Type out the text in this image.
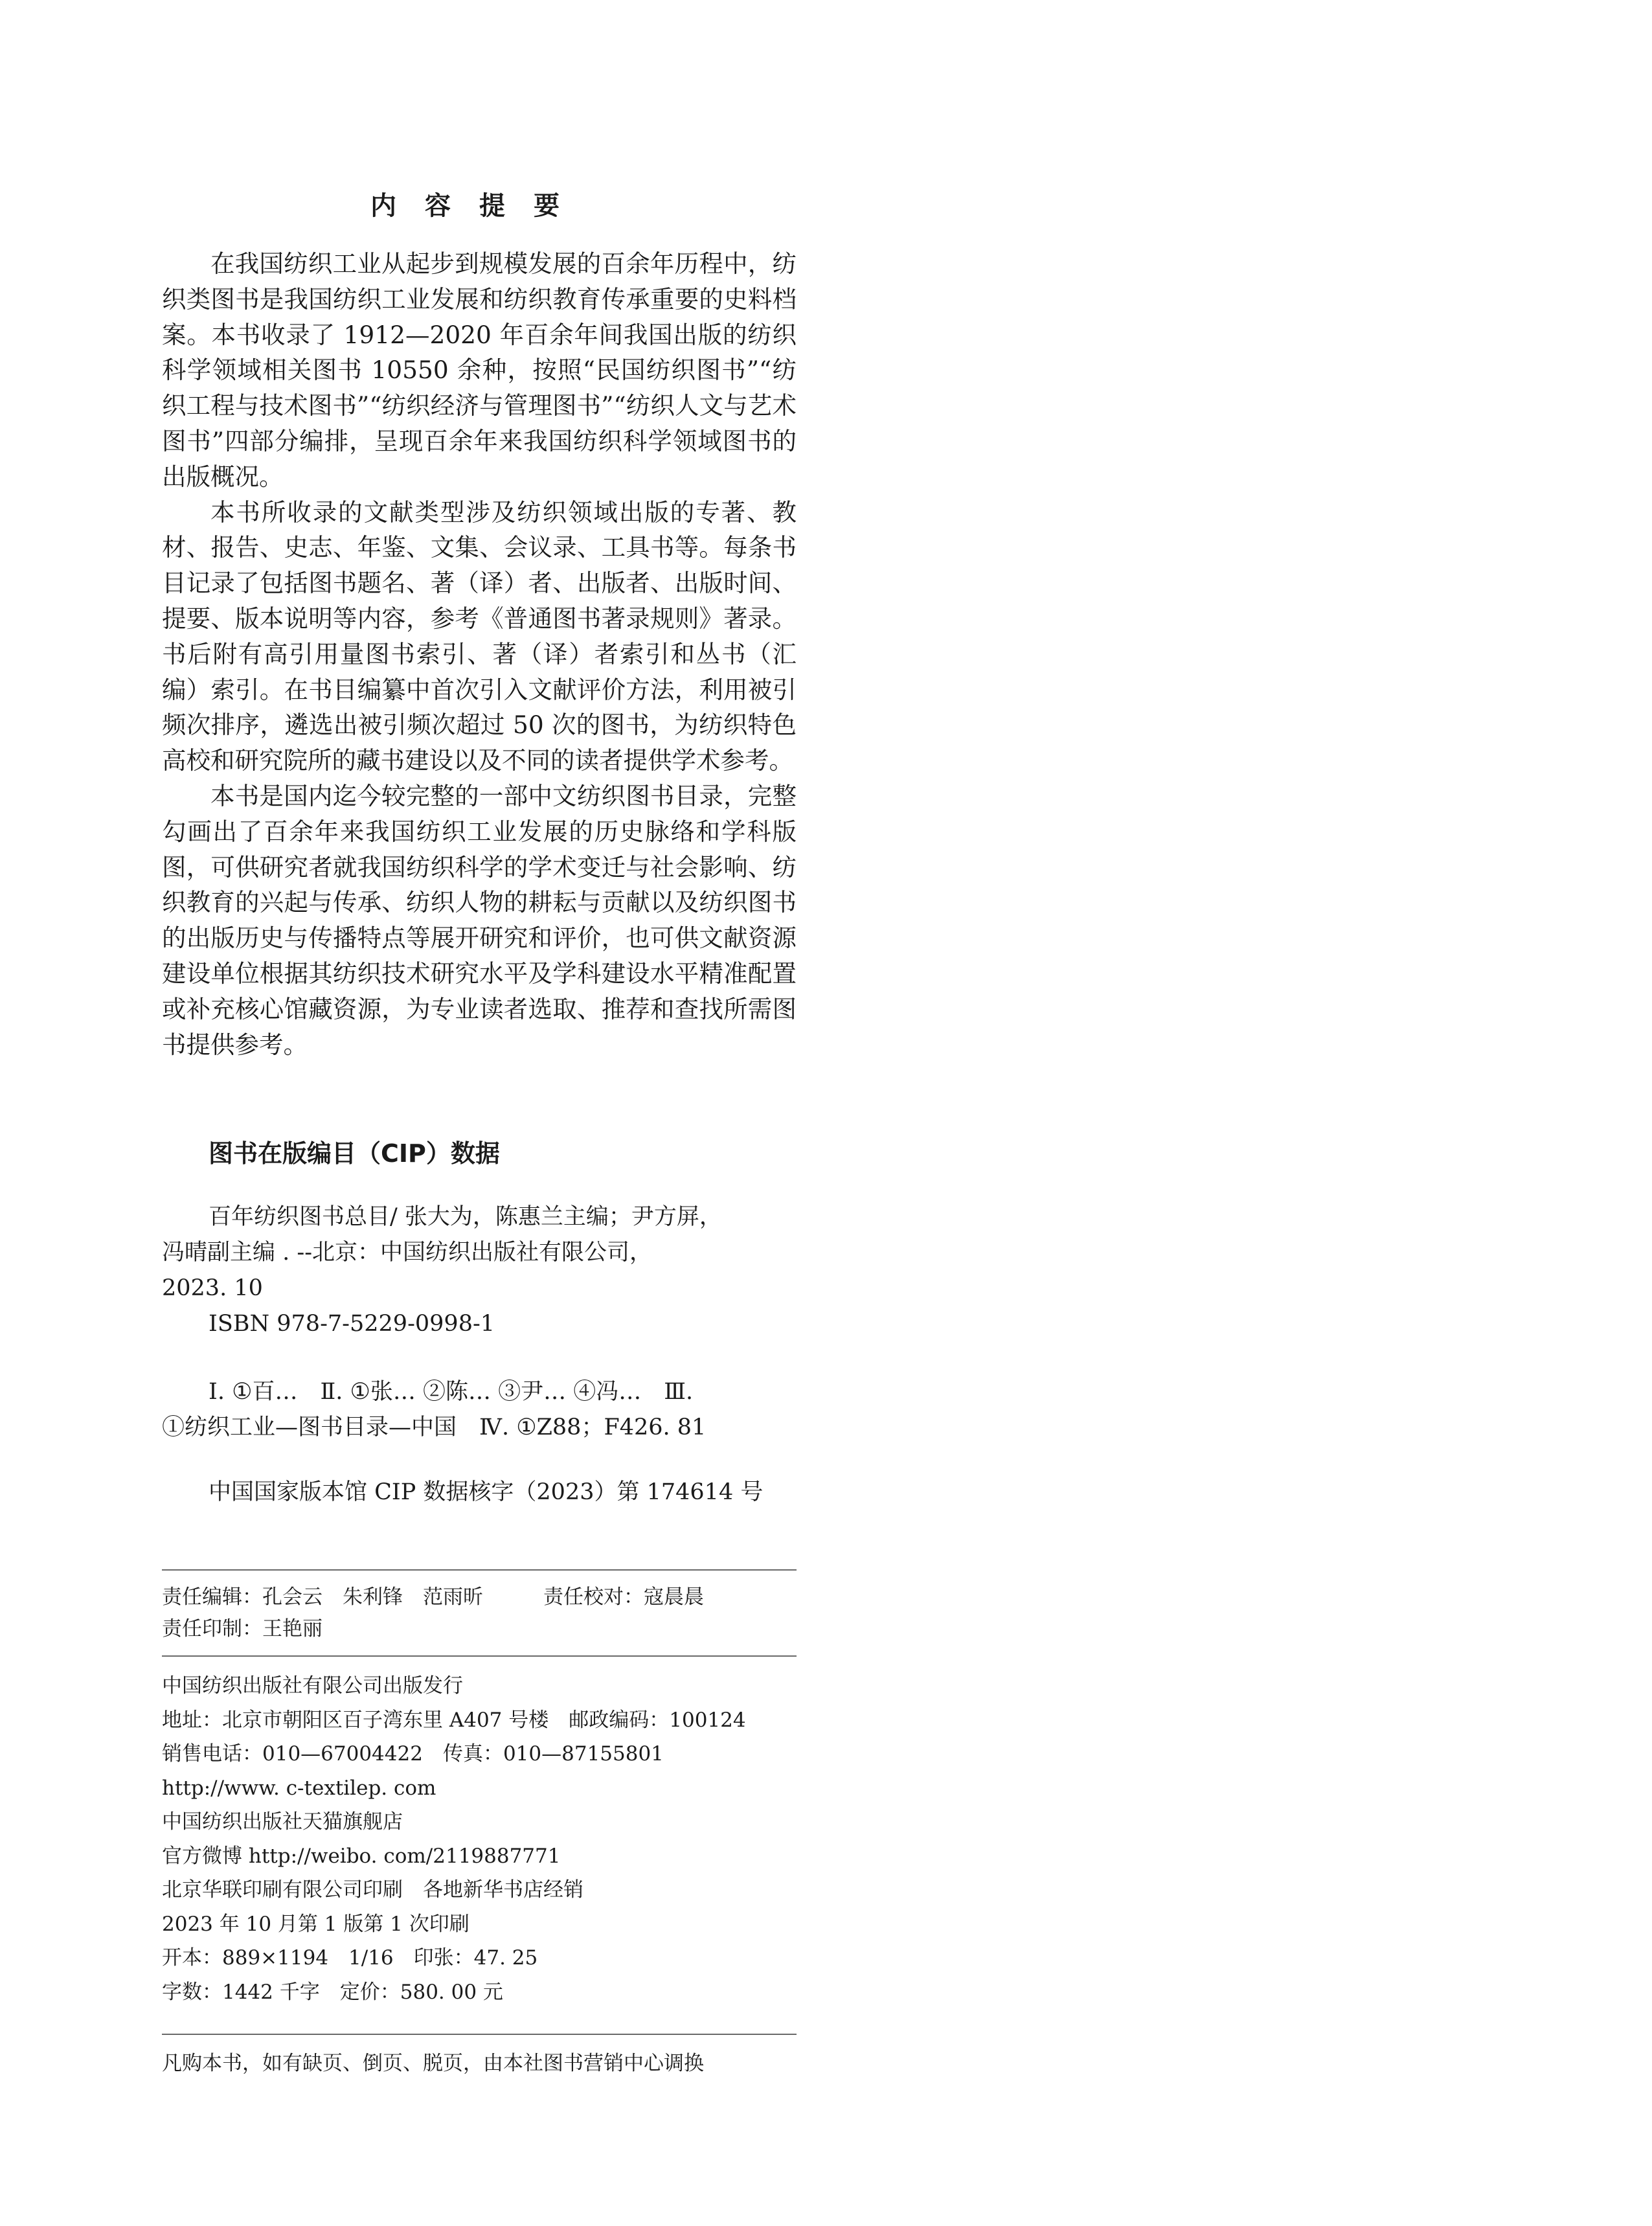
内容提要

在我国纺织工业从起步到规模发展的百余年历程中，纺织类图书是我国纺织工业发展和纺织教育传承重要的史料档案。本书收录了 1912—2020 年百余年间我国出版的纺织科学领域相关图书 10550 余种，按照“民国纺织图书”“纺织工程与技术图书”“纺织经济与管理图书”“纺织人文与艺术图书”四部分编排，呈现百余年来我国纺织科学领域图书的出版概况。

本书所收录的文献类型涉及纺织领域出版的专著、教材、报告、史志、年鉴、文集、会议录、工具书等。每条书目记录了包括图书题名、著（译）者、出版者、出版时间、提要、版本说明等内容，参考《普通图书著录规则》著录。书后附有高引用量图书索引、著（译）者索引和丛书（汇编）索引。在书目编纂中首次引入文献评价方法，利用被引频次排序，遴选出被引频次超过 50 次的图书，为纺织特色高校和研究院所的藏书建设以及不同的读者提供学术参考。

本书是国内迄今较完整的一部中文纺织图书目录，完整勾画出了百余年来我国纺织工业发展的历史脉络和学科版图，可供研究者就我国纺织科学的学术变迁与社会影响、纺织教育的兴起与传承、纺织人物的耕耘与贡献以及纺织图书的出版历史与传播特点等展开研究和评价，也可供文献资源建设单位根据其纺织技术研究水平及学科建设水平精准配置或补充核心馆藏资源，为专业读者选取、推荐和查找所需图书提供参考。

图书在版编目（CIP）数据
百年纺织图书总目/ 张大为，陈惠兰主编；尹方屏，
冯晴副主编 . --北京：中国纺织出版社有限公司，
2023. 10
ISBN 978-7-5229-0998-1
Ⅰ. ①百…　Ⅱ. ①张… ②陈… ③尹… ④冯…　Ⅲ.
①纺织工业—图书目录—中国　Ⅳ. ①Z88；F426. 81
中国国家版本馆 CIP 数据核字（2023）第 174614 号
责任编辑：孔会云　朱利锋　范雨昕　　　责任校对：寇晨晨
责任印制：王艳丽
中国纺织出版社有限公司出版发行
地址：北京市朝阳区百子湾东里 A407 号楼　邮政编码：100124
销售电话：010—67004422　传真：010—87155801
http://www. c-textilep. com
中国纺织出版社天猫旗舰店
官方微博 http://weibo. com/2119887771
北京华联印刷有限公司印刷　各地新华书店经销
2023 年 10 月第 1 版第 1 次印刷
开本：889×1194　1/16　印张：47. 25
字数：1442 千字　定价：580. 00 元
凡购本书，如有缺页、倒页、脱页，由本社图书营销中心调换
